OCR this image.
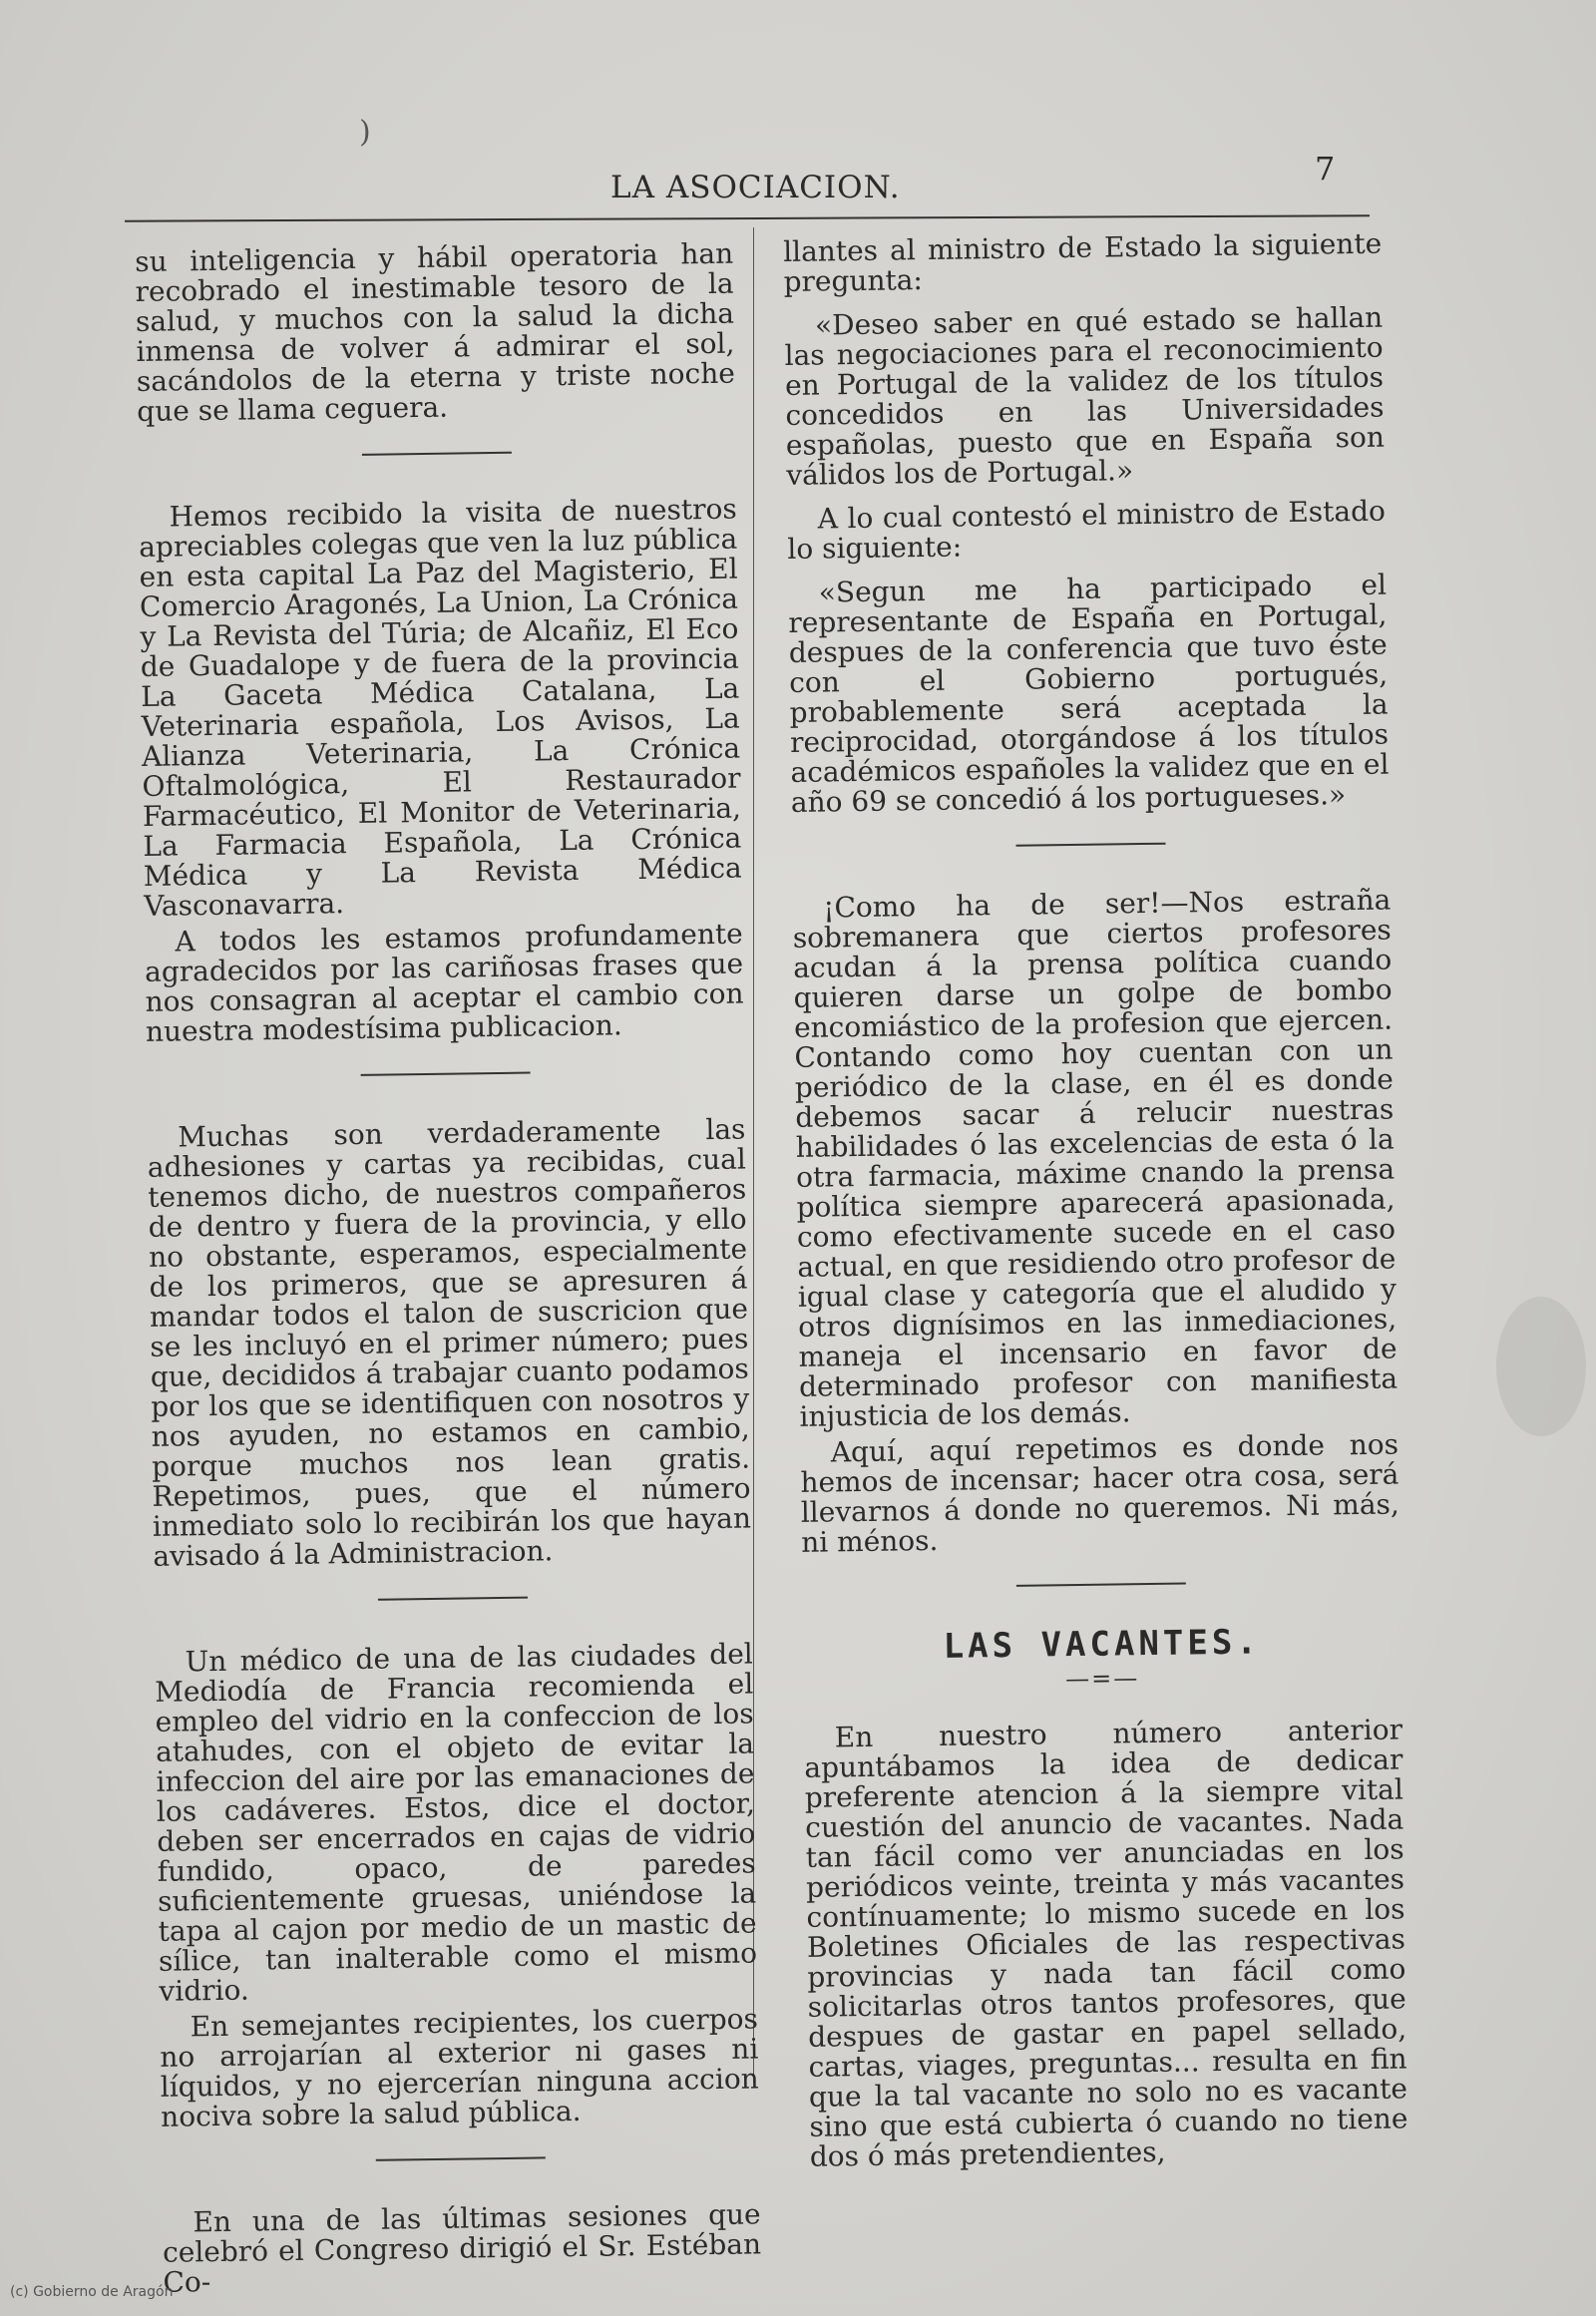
)
LA ASOCIACION.	7

su inteligencia y hábil operatoria han recobrado el inestimable tesoro de la salud, y muchos con la salud la dicha inmensa de volver á admirar el sol, sacándolos de la eterna y triste noche que se llama ceguera.

Hemos recibido la visita de nuestros apreciables colegas que ven la luz pública en esta capital La Paz del Magisterio, El Comercio Aragonés, La Union, La Crónica y La Revista del Túria; de Alcañiz, El Eco de Guadalope y de fuera de la provincia La Gaceta Médica Catalana, La Veterinaria española, Los Avisos, La Alianza Veterinaria, La Crónica Oftalmológica, El Restaurador Farmacéutico, El Monitor de Veterinaria, La Farmacia Española, La Crónica Médica y La Revista Médica Vasconavarra.

A todos les estamos profundamente agradecidos por las cariñosas frases que nos consagran al aceptar el cambio con nuestra modestísima publicacion.

Muchas son verdaderamente las adhesiones y cartas ya recibidas, cual tenemos dicho, de nuestros compañeros de dentro y fuera de la provincia, y ello no obstante, esperamos, especialmente de los primeros, que se apresuren á mandar todos el talon de suscricion que se les incluyó en el primer número; pues que, decididos á trabajar cuanto podamos por los que se identifiquen con nosotros y nos ayuden, no estamos en cambio, porque muchos nos lean gratis. Repetimos, pues, que el número inmediato solo lo recibirán los que hayan avisado á la Administracion.

Un médico de una de las ciudades del Mediodía de Francia recomienda el empleo del vidrio en la confeccion de los atahudes, con el objeto de evitar la infeccion del aire por las emanaciones de los cadáveres. Estos, dice el doctor, deben ser encerrados en cajas de vidrio fundido, opaco, de paredes suficientemente gruesas, uniéndose la tapa al cajon por medio de un mastic de sílice, tan inalterable como el mismo vidrio.

En semejantes recipientes, los cuerpos no arrojarían al exterior ni gases ni líquidos, y no ejercerían ninguna accion nociva sobre la salud pública.

En una de las últimas sesiones que celebró el Congreso dirigió el Sr. Estéban Co-

llantes al ministro de Estado la siguiente pregunta:

«Deseo saber en qué estado se hallan las negociaciones para el reconocimiento en Portugal de la validez de los títulos concedidos en las Universidades españolas, puesto que en España son válidos los de Portugal.»

A lo cual contestó el ministro de Estado lo siguiente:

«Segun me ha participado el representante de España en Portugal, despues de la conferencia que tuvo éste con el Gobierno portugués, probablemente será aceptada la reciprocidad, otorgándose á los títulos académicos españoles la validez que en el año 69 se concedió á los portugueses.»

¡Como ha de ser!—Nos estraña sobremanera que ciertos profesores acudan á la prensa política cuando quieren darse un golpe de bombo encomiástico de la profesion que ejercen. Contando como hoy cuentan con un periódico de la clase, en él es donde debemos sacar á relucir nuestras habilidades ó las excelencias de esta ó la otra farmacia, máxime cnando la prensa política siempre aparecerá apasionada, como efectivamente sucede en el caso actual, en que residiendo otro profesor de igual clase y categoría que el aludido y otros dignísimos en las inmediaciones, maneja el incensario en favor de determinado profesor con manifiesta injusticia de los demás.

Aquí, aquí repetimos es donde nos hemos de incensar; hacer otra cosa, será llevarnos á donde no queremos. Ni más, ni ménos.

LAS VACANTES.
—=—

En nuestro número anterior apuntábamos la idea de dedicar preferente atencion á la siempre vital cuestión del anuncio de vacantes. Nada tan fácil como ver anunciadas en los periódicos veinte, treinta y más vacantes contínuamente; lo mismo sucede en los Boletines Oficiales de las respectivas provincias y nada tan fácil como solicitarlas otros tantos profesores, que despues de gastar en papel sellado, cartas, viages, preguntas... resulta en fin que la tal vacante no solo no es vacante sino que está cubierta ó cuando no tiene dos ó más pretendientes,

(c) Gobierno de Aragón
